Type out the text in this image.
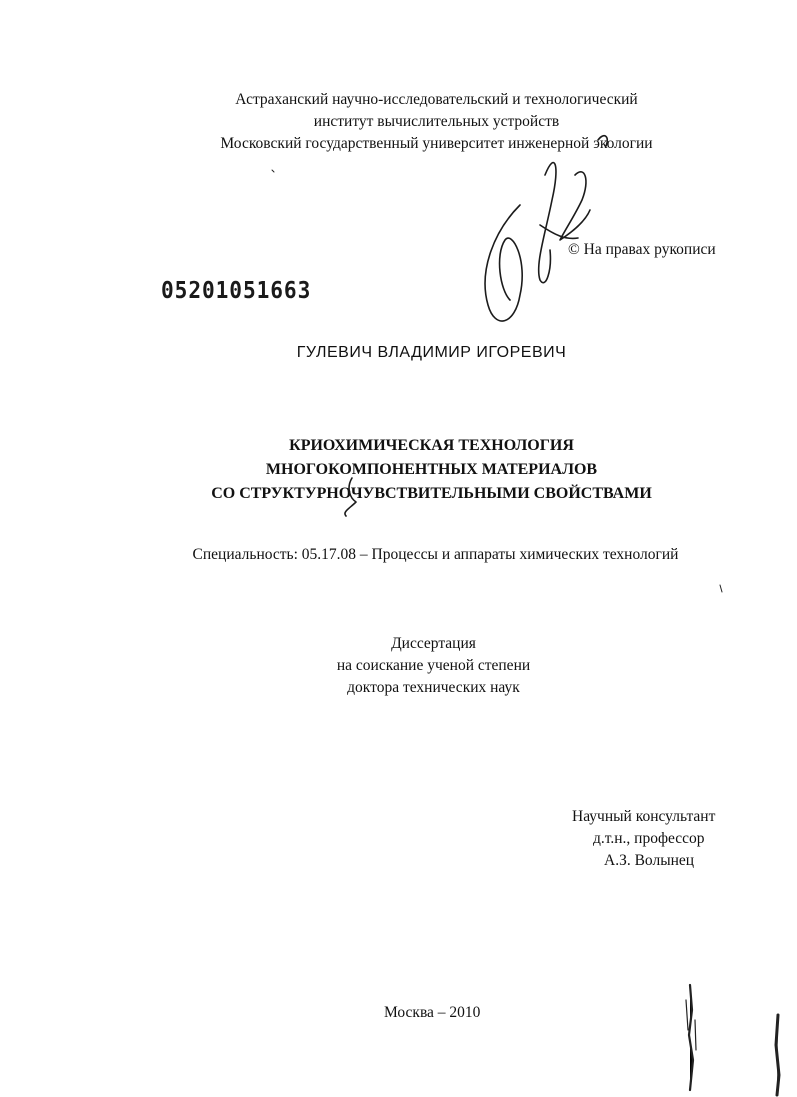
Астраханский научно-исследовательский и технологический
институт вычислительных устройств
Московский государственный университет инженерной экологии
© На правах рукописи
05201051663
ГУЛЕВИЧ ВЛАДИМИР ИГОРЕВИЧ
КРИОХИМИЧЕСКАЯ ТЕХНОЛОГИЯ
МНОГОКОМПОНЕНТНЫХ МАТЕРИАЛОВ
СО СТРУКТУРНОЧУВСТВИТЕЛЬНЫМИ СВОЙСТВАМИ
Специальность: 05.17.08 – Процессы и аппараты химических технологий
Диссертация
на соискание ученой степени
доктора технических наук
Научный консультант
д.т.н., профессор
А.З. Волынец
Москва – 2010
